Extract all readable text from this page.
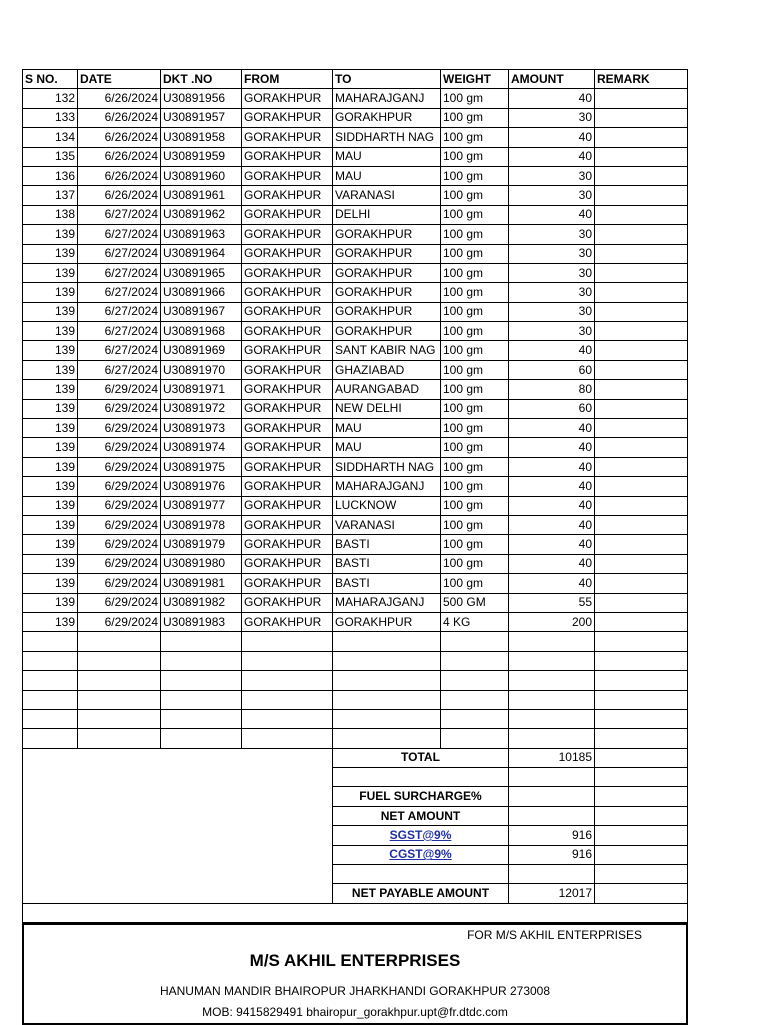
S NO.	DATE	DKT .NO	FROM	TO	WEIGHT	AMOUNT	REMARK
132	6/26/2024	U30891956	GORAKHPUR	MAHARAJGANJ	100 gm	40	
133	6/26/2024	U30891957	GORAKHPUR	GORAKHPUR	100 gm	30	
134	6/26/2024	U30891958	GORAKHPUR	SIDDHARTH NAG	100 gm	40	
135	6/26/2024	U30891959	GORAKHPUR	MAU	100 gm	40	
136	6/26/2024	U30891960	GORAKHPUR	MAU	100 gm	30	
137	6/26/2024	U30891961	GORAKHPUR	VARANASI	100 gm	30	
138	6/27/2024	U30891962	GORAKHPUR	DELHI	100 gm	40	
139	6/27/2024	U30891963	GORAKHPUR	GORAKHPUR	100 gm	30	
139	6/27/2024	U30891964	GORAKHPUR	GORAKHPUR	100 gm	30	
139	6/27/2024	U30891965	GORAKHPUR	GORAKHPUR	100 gm	30	
139	6/27/2024	U30891966	GORAKHPUR	GORAKHPUR	100 gm	30	
139	6/27/2024	U30891967	GORAKHPUR	GORAKHPUR	100 gm	30	
139	6/27/2024	U30891968	GORAKHPUR	GORAKHPUR	100 gm	30	
139	6/27/2024	U30891969	GORAKHPUR	SANT KABIR NAG	100 gm	40	
139	6/27/2024	U30891970	GORAKHPUR	GHAZIABAD	100 gm	60	
139	6/29/2024	U30891971	GORAKHPUR	AURANGABAD	100 gm	80	
139	6/29/2024	U30891972	GORAKHPUR	NEW DELHI	100 gm	60	
139	6/29/2024	U30891973	GORAKHPUR	MAU	100 gm	40	
139	6/29/2024	U30891974	GORAKHPUR	MAU	100 gm	40	
139	6/29/2024	U30891975	GORAKHPUR	SIDDHARTH NAG	100 gm	40	
139	6/29/2024	U30891976	GORAKHPUR	MAHARAJGANJ	100 gm	40	
139	6/29/2024	U30891977	GORAKHPUR	LUCKNOW	100 gm	40	
139	6/29/2024	U30891978	GORAKHPUR	VARANASI	100 gm	40	
139	6/29/2024	U30891979	GORAKHPUR	BASTI	100 gm	40	
139	6/29/2024	U30891980	GORAKHPUR	BASTI	100 gm	40	
139	6/29/2024	U30891981	GORAKHPUR	BASTI	100 gm	40	
139	6/29/2024	U30891982	GORAKHPUR	MAHARAJGANJ	500 GM	55	
139	6/29/2024	U30891983	GORAKHPUR	GORAKHPUR	4 KG	200	

				TOTAL		10185	

				FUEL SURCHARGE%			
				NET AMOUNT			
				SGST@9%		916	
				CGST@9%		916	

				NET PAYABLE AMOUNT		12017	

FOR M/S AKHIL ENTERPRISES
M/S AKHIL ENTERPRISES
HANUMAN MANDIR BHAIROPUR JHARKHANDI GORAKHPUR 273008
MOB: 9415829491 bhairopur_gorakhpur.upt@fr.dtdc.com
